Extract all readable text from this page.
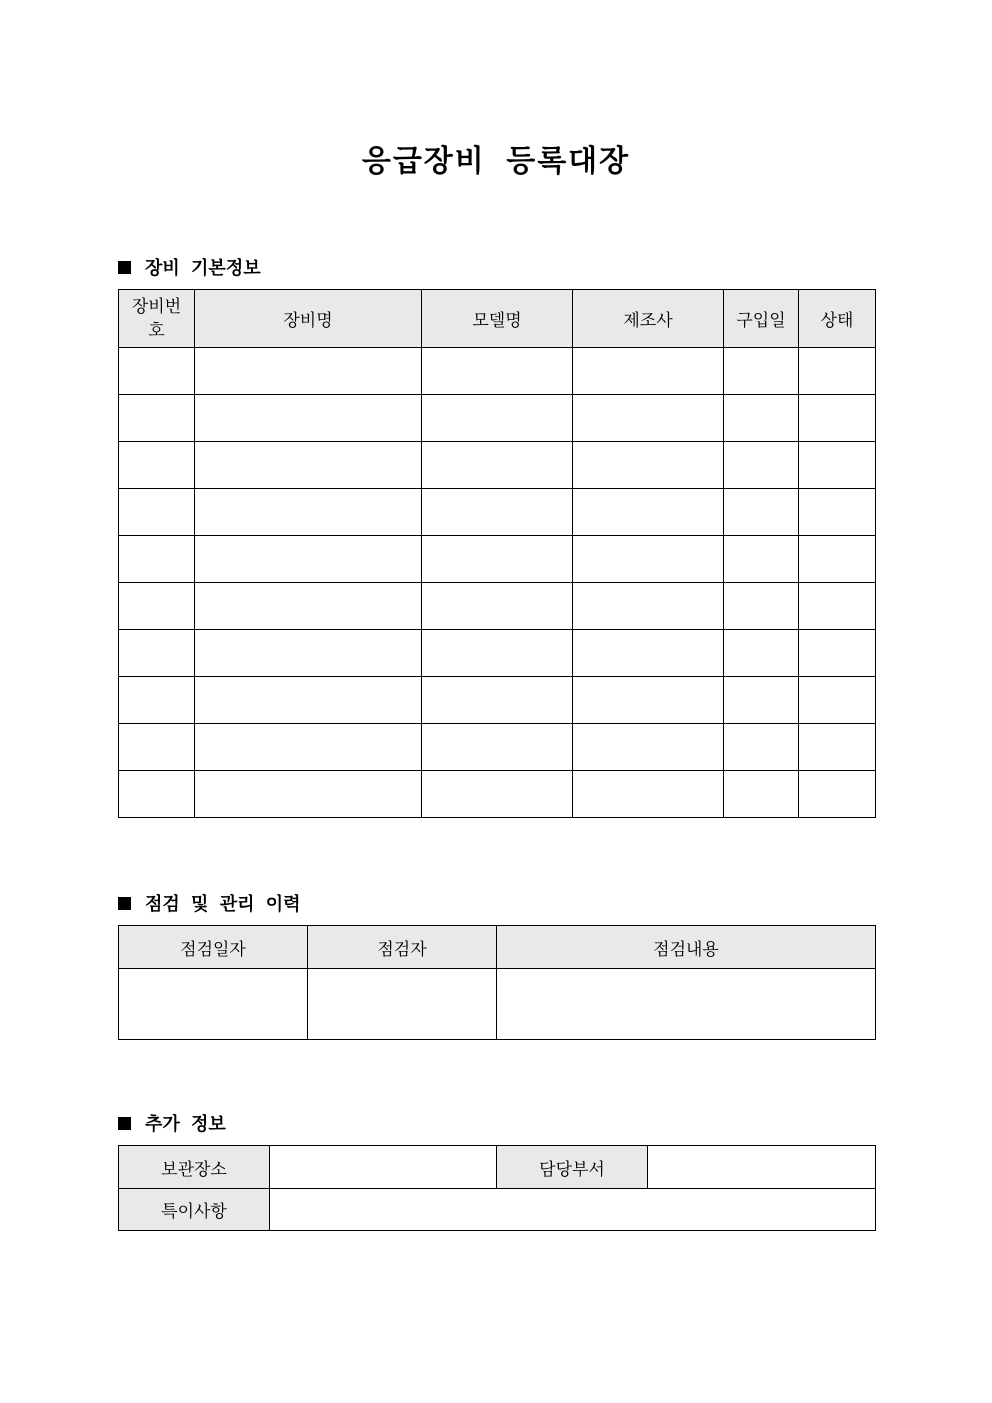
응급장비 등록대장
장비 기본정보
장비번호	장비명	모델명	제조사	구입일	상태

점검 및 관리 이력
점검일자	점검자	점검내용

추가 정보
보관장소		담당부서	
특이사항			
